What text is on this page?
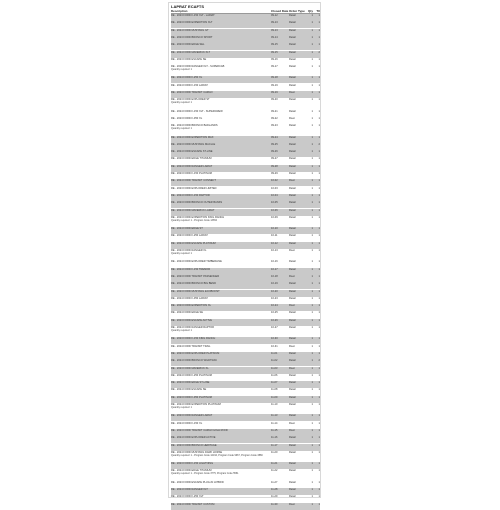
LAPRAT ECAFTS
Description	Closed Date Order Type	Qty	Ttl
RE - 2023 FORD F-150 XLT - LARIAT	09-12	Retail	1	1
RE - 2023 FORD EXPEDITION XLT	09-13	Retail	1	1
RE - 2024 FORD MUSTANG GT	09-13	Retail	1	1
RE - 2023 FORD BRONCO SPORT	09-14	Retail	1	1
RE - 2023 FORD EDGE SEL	09-15	Retail	1	1
RE - 2024 FORD MAVERICK XLT	09-15	Retail	1	2
RE - 2023 FORD ESCAPE SE	09-16	Retail	1	1
RE - 2023 FORD RANGER XLT - SUPERCAB	09-17	Retail	1	1
Quantity required: 1
RE - 2024 FORD F-250 XL	09-18	Retail	1	1
RE - 2024 FORD F-150 LARIAT	09-19	Retail	1	1
RE - 2023 FORD TRANSIT CARGO	09-19	Fleet	1	1
RE - 2023 FORD EXPLORER ST	09-20	Retail	1	1
Quantity required: 1
RE - 2024 FORD F-150 XLT - SUPERCREW	09-21	Retail	1	1
RE - 2023 FORD F-350 XL	09-22	Fleet	1	1
RE - 2024 FORD BRONCO BADLANDS	09-23	Retail	1	1
Quantity required: 1
RE - 2024 FORD EXPEDITION MAX	09-24	Retail	1	1
RE - 2023 FORD MUSTANG MACH-E	09-25	Retail	1	2
RE - 2024 FORD ESCAPE ST-LINE	09-26	Retail	1	1
RE - 2023 FORD EDGE TITANIUM	09-27	Retail	1	1
RE - 2024 FORD RANGER LARIAT	09-28	Retail	1	1
RE - 2023 FORD F-150 PLATINUM	09-29	Retail	1	1
RE - 2024 FORD TRANSIT CONNECT	10-02	Fleet	1	1
RE - 2023 FORD EXPLORER LIMITED	10-03	Retail	1	1
RE - 2024 FORD F-150 RAPTOR	10-04	Retail	1	1
RE - 2023 FORD BRONCO OUTER BANKS	10-05	Retail	1	1
RE - 2024 FORD MAVERICK LARIAT	10-06	Retail	1	1
RE - 2023 FORD EXPEDITION KING RANCH	10-09	Retail	1	1
Quantity required: 1 - Program Code 13654
RE - 2024 FORD EDGE ST	10-10	Retail	1	1
RE - 2023 FORD F-250 LARIAT	10-11	Retail	1	1
RE - 2024 FORD ESCAPE PLATINUM	10-12	Retail	1	1
RE - 2023 FORD RANGER XL	10-13	Fleet	1	1
Quantity required: 1
RE - 2024 FORD EXPLORER TIMBERLINE	10-16	Retail	1	1
RE - 2024 FORD F-150 TREMOR	10-17	Retail	1	1
RE - 2023 FORD TRANSIT PASSENGER	10-18	Fleet	1	1
RE - 2024 FORD BRONCO BIG BEND	10-19	Retail	1	1
RE - 2023 FORD MUSTANG ECOBOOST	10-20	Retail	1	1
RE - 2024 FORD F-350 LARIAT	10-23	Retail	1	1
RE - 2023 FORD EXPEDITION XL	10-24	Fleet	1	1
RE - 2024 FORD EDGE SE	10-25	Retail	1	1
RE - 2023 FORD ESCAPE ACTIVE	10-26	Retail	1	1
RE - 2024 FORD RANGER RAPTOR	10-27	Retail	1	1
Quantity required: 1
RE - 2023 FORD F-150 KING RANCH	10-30	Retail	1	1
RE - 2024 FORD TRANSIT TRAIL	10-31	Fleet	1	1
RE - 2023 FORD EXPLORER PLATINUM	11-01	Retail	1	1
RE - 2024 FORD BRONCO WILDTRAK	11-02	Retail	1	2
RE - 2023 FORD MAVERICK XL	11-03	Fleet	1	1
RE - 2024 FORD F-250 PLATINUM	11-06	Retail	1	1
RE - 2023 FORD EDGE ST-LINE	11-07	Retail	1	1
RE - 2024 FORD ESCAPE SE	11-08	Retail	1	1
RE - 2023 FORD F-350 PLATINUM	11-09	Retail	1	1
RE - 2024 FORD EXPEDITION PLATINUM	11-10	Retail	1	1
Quantity required: 1
RE - 2023 FORD RANGER LARIAT	11-13	Retail	1	1
RE - 2024 FORD F-150 XL	11-14	Fleet	1	1
RE - 2023 FORD TRANSIT CARGO HIGH ROOF	11-15	Fleet	1	1
RE - 2024 FORD EXPLORER ACTIVE	11-16	Retail	1	1
RE - 2023 FORD BRONCO HERITAGE	11-17	Retail	1	1
RE - 2024 FORD MUSTANG DARK HORSE	11-20	Retail	1	1
Quantity required: 1 - Program Code 12194, Program Code 9967, Program Code 3880
RE - 2023 FORD F-150 LIGHTNING	11-21	Retail	1	1
RE - 2024 FORD EDGE TITANIUM	11-22	Retail	1	1
Quantity required: 1 - Program Code 3775, Program Code 5561
RE - 2023 FORD ESCAPE PLUG-IN HYBRID	11-27	Retail	1	1
RE - 2024 FORD RANGER XLT	11-28	Retail	1	1
RE - 2023 FORD F-250 XLT	11-29	Retail	1	1
RE - 2024 FORD TRANSIT CUSTOM	11-30	Fleet	1	1
